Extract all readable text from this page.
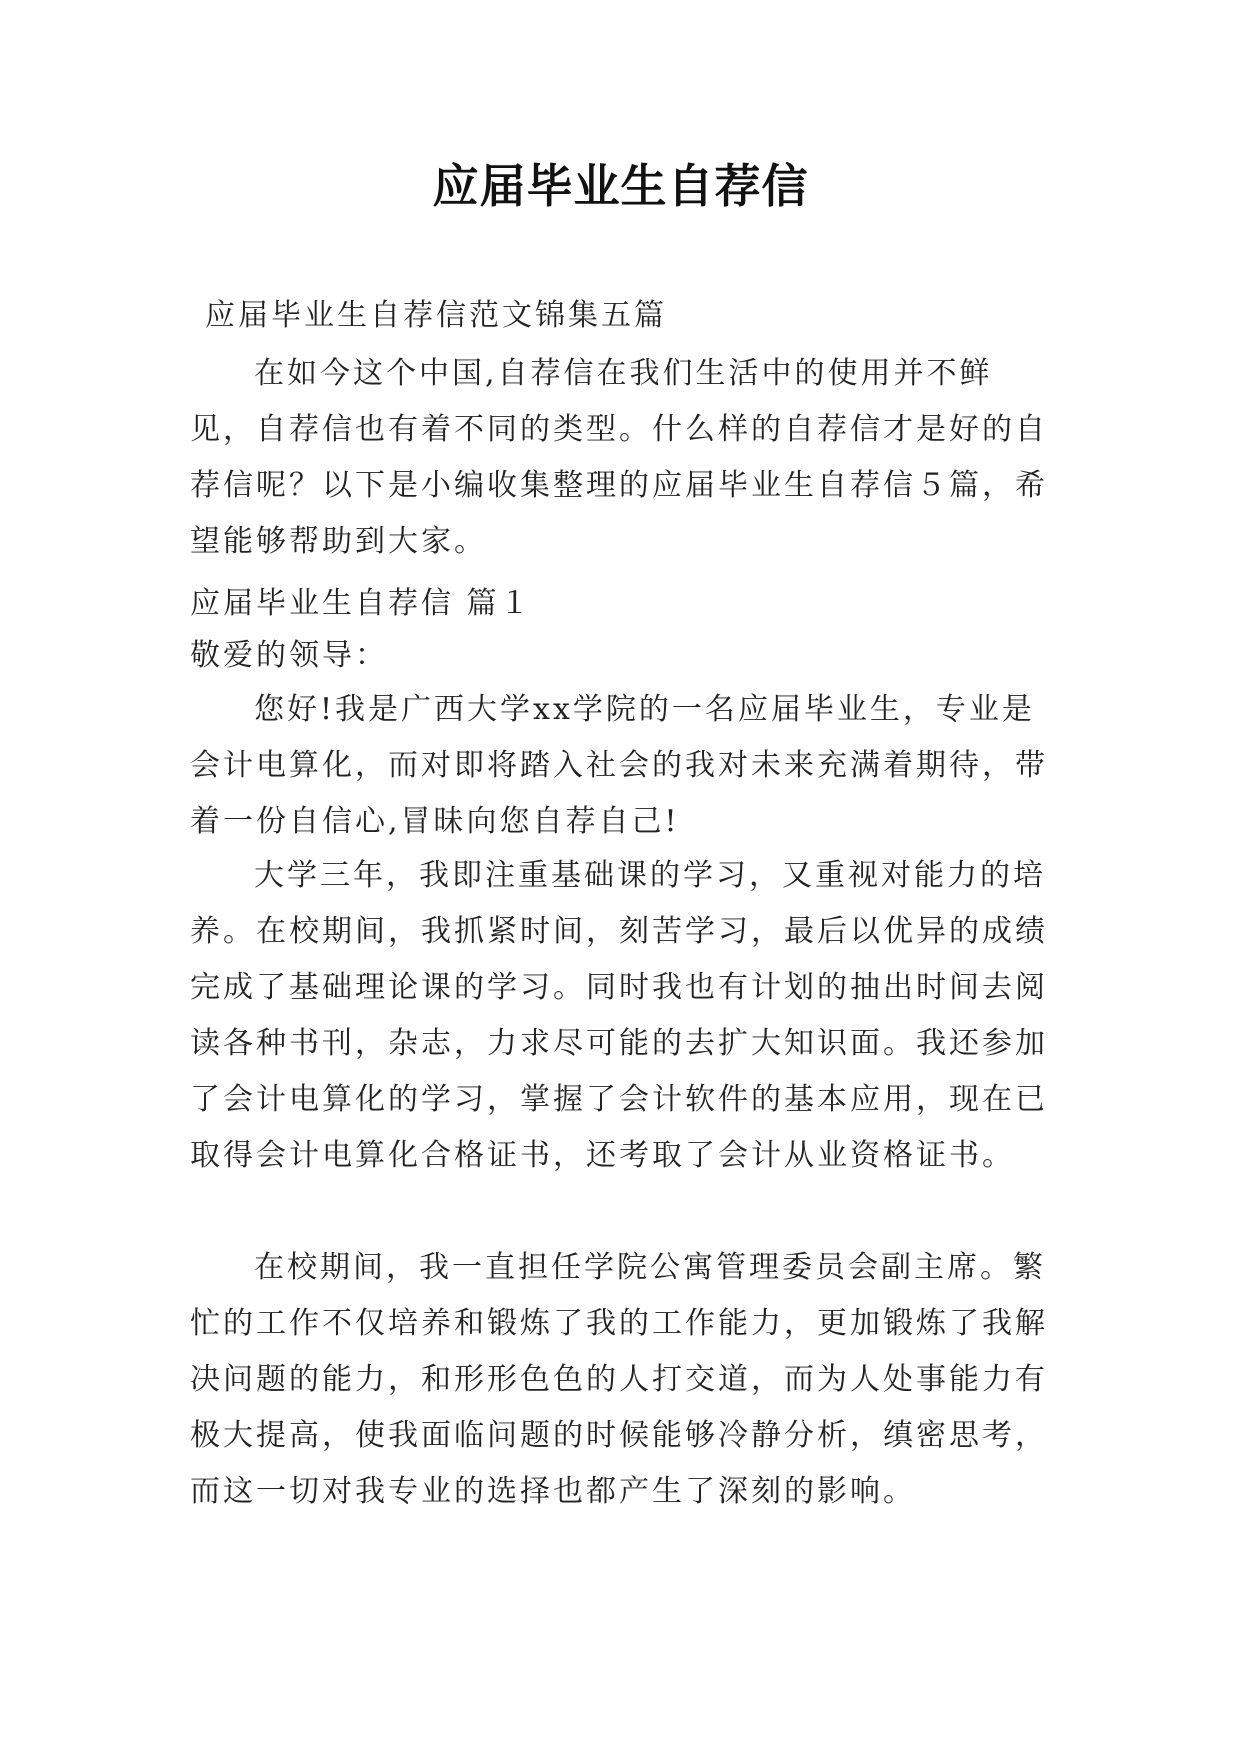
应届毕业生自荐信

应届毕业生自荐信范文锦集五篇

在如今这个中国,自荐信在我们生活中的使用并不鲜见，自荐信也有着不同的类型。什么样的自荐信才是好的自荐信呢？以下是小编收集整理的应届毕业生自荐信５篇，希望能够帮助到大家。

应届毕业生自荐信 篇１

敬爱的领导：

您好!我是广西大学xx学院的一名应届毕业生，专业是会计电算化，而对即将踏入社会的我对未来充满着期待，带着一份自信心,冒昧向您自荐自己!

大学三年，我即注重基础课的学习，又重视对能力的培养。在校期间，我抓紧时间，刻苦学习，最后以优异的成绩完成了基础理论课的学习。同时我也有计划的抽出时间去阅读各种书刊，杂志，力求尽可能的去扩大知识面。我还参加了会计电算化的学习，掌握了会计软件的基本应用，现在已取得会计电算化合格证书，还考取了会计从业资格证书。

在校期间，我一直担任学院公寓管理委员会副主席。繁忙的工作不仅培养和锻炼了我的工作能力，更加锻炼了我解决问题的能力，和形形色色的人打交道，而为人处事能力有极大提高，使我面临问题的时候能够冷静分析，缜密思考，而这一切对我专业的选择也都产生了深刻的影响。
